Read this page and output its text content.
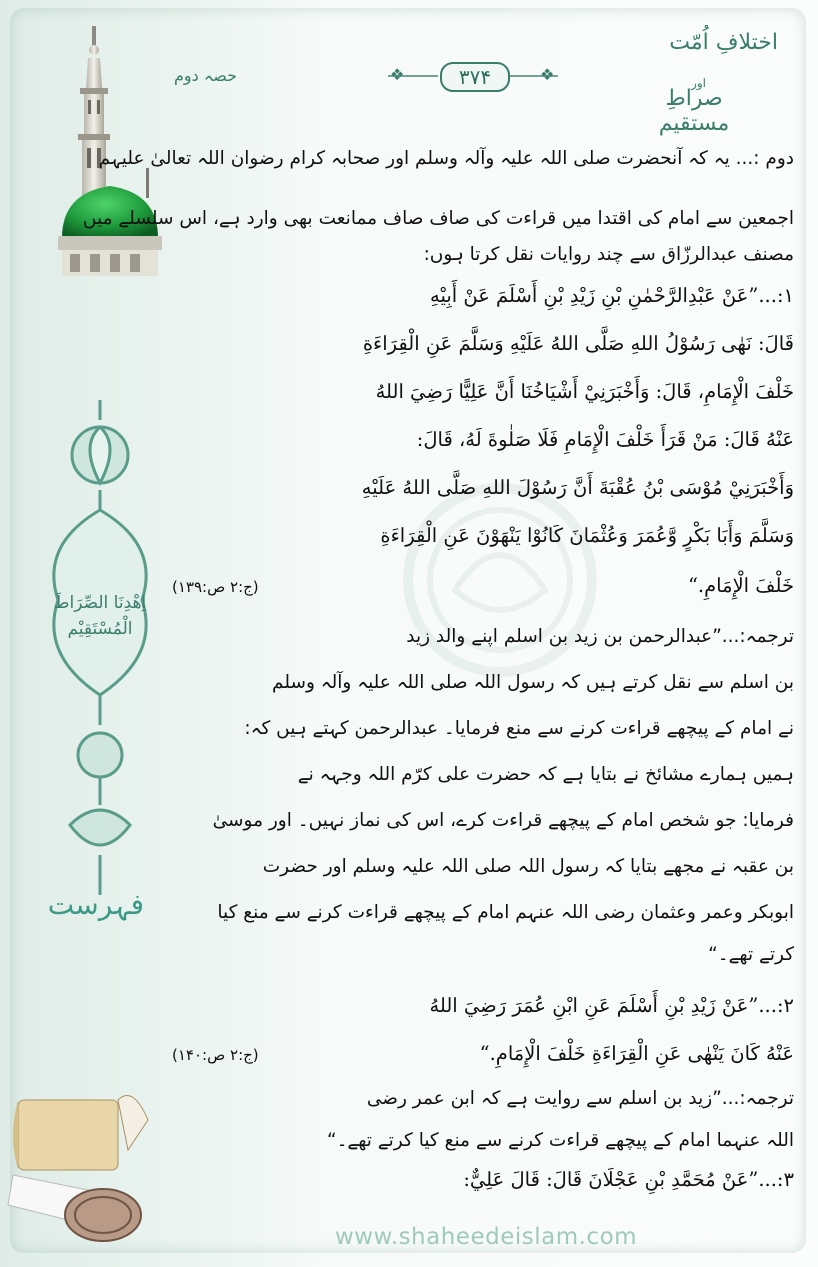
اختلافِ اُمّت
اور
صراطِ مستقیم
حصہ دوم	❖	❖
۳۷۴
اِھْدِنَا الصِّرَاطَ الْمُسْتَقِیْم
فہرست
دوم :... یہ کہ آنحضرت صلی اللہ علیہ وآلہ وسلم اور صحابہ کرام رضوان اللہ تعالیٰ علیہم
اجمعین سے امام کی اقتدا میں قراءت کی صاف صاف ممانعت بھی وارد ہے، اس سلسلے میں
مصنف عبدالرزّاق سے چند روایات نقل کرتا ہوں:
۱:...”عَنْ عَبْدِالرَّحْمٰنِ بْنِ زَيْدِ بْنِ أَسْلَمَ عَنْ أَبِيْهِ
قَالَ: نَهٰى رَسُوْلُ اللهِ صَلَّى اللهُ عَلَيْهِ وَسَلَّمَ عَنِ الْقِرَاءَةِ
خَلْفَ الْإِمَامِ، قَالَ: وَأَخْبَرَنِيْ أَشْيَاخُنَا أَنَّ عَلِيًّا رَضِيَ اللهُ
عَنْهُ قَالَ: مَنْ قَرَأَ خَلْفَ الْإِمَامِ فَلَا صَلٰوةَ لَهُ، قَالَ:
وَأَخْبَرَنِيْ مُوْسَى بْنُ عُقْبَةَ أَنَّ رَسُوْلَ اللهِ صَلَّى اللهُ عَلَيْهِ
وَسَلَّمَ وَأَبَا بَكْرٍ وَّعُمَرَ وَعُثْمَانَ كَانُوْا يَنْهَوْنَ عَنِ الْقِرَاءَةِ
خَلْفَ الْإِمَامِ.“
(ج:۲ ص:۱۳۹)
ترجمہ:...”عبدالرحمن بن زید بن اسلم اپنے والد زید
بن اسلم سے نقل کرتے ہیں کہ رسول اللہ صلی اللہ علیہ وآلہ وسلم
نے امام کے پیچھے قراءت کرنے سے منع فرمایا۔ عبدالرحمن کہتے ہیں کہ:
ہمیں ہمارے مشائخ نے بتایا ہے کہ حضرت علی کرّم اللہ وجہہ نے
فرمایا: جو شخص امام کے پیچھے قراءت کرے، اس کی نماز نہیں۔ اور موسیٰ
بن عقبہ نے مجھے بتایا کہ رسول اللہ صلی اللہ علیہ وسلم اور حضرت
ابوبکر وعمر وعثمان رضی اللہ عنہم امام کے پیچھے قراءت کرنے سے منع کیا
کرتے تھے۔“
۲:...”عَنْ زَيْدِ بْنِ أَسْلَمَ عَنِ ابْنِ عُمَرَ رَضِيَ اللهُ
عَنْهُ كَانَ يَنْهٰى عَنِ الْقِرَاءَةِ خَلْفَ الْإِمَامِ.“
(ج:۲ ص:۱۴۰)
ترجمہ:...”زید بن اسلم سے روایت ہے کہ ابن عمر رضی
اللہ عنہما امام کے پیچھے قراءت کرنے سے منع کیا کرتے تھے۔“
۳:...”عَنْ مُحَمَّدِ بْنِ عَجْلَانَ قَالَ: قَالَ عَلِيٌّ:
www.shaheedeislam.com
